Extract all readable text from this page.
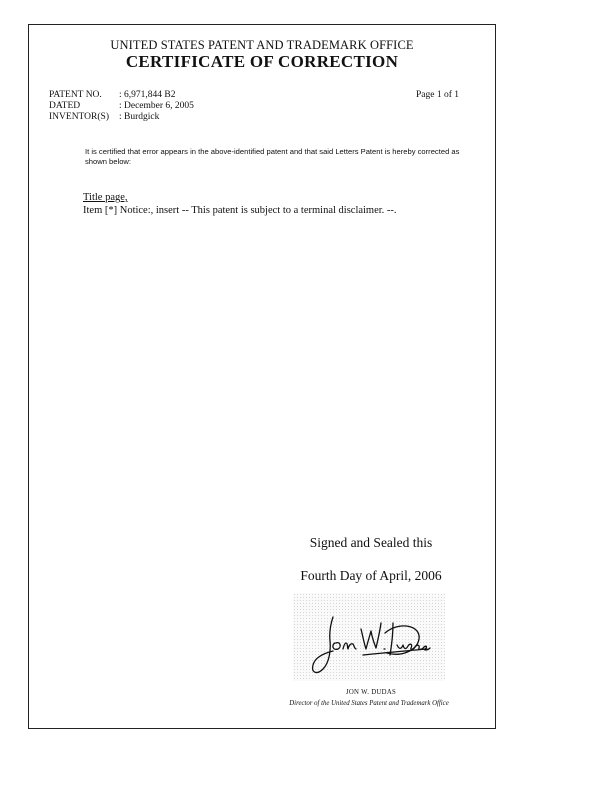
UNITED STATES PATENT AND TRADEMARK OFFICE
CERTIFICATE OF CORRECTION
PATENT NO.	: 6,971,844 B2
DATED	: December 6, 2005
INVENTOR(S)	: Burdgick
Page 1 of 1
It is certified that error appears in the above-identified patent and that said Letters Patent is hereby corrected as shown below:
Title page,
Item [*] Notice:, insert -- This patent is subject to a terminal disclaimer. --.
Signed and Sealed this
Fourth Day of April, 2006
JON W. DUDAS
Director of the United States Patent and Trademark Office
